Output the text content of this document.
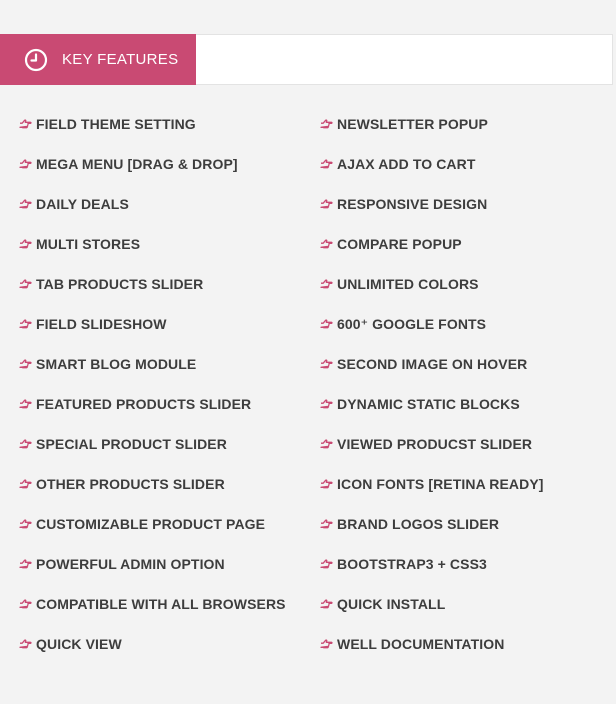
KEY FEATURES
FIELD THEME SETTING
MEGA MENU [DRAG & DROP]
DAILY DEALS
MULTI STORES
TAB PRODUCTS SLIDER
FIELD SLIDESHOW
SMART BLOG MODULE
FEATURED PRODUCTS SLIDER
SPECIAL PRODUCT SLIDER
OTHER PRODUCTS SLIDER
CUSTOMIZABLE PRODUCT PAGE
POWERFUL ADMIN OPTION
COMPATIBLE WITH ALL BROWSERS
QUICK VIEW
NEWSLETTER POPUP
AJAX ADD TO CART
RESPONSIVE DESIGN
COMPARE POPUP
UNLIMITED COLORS
600⁺ GOOGLE FONTS
SECOND IMAGE ON HOVER
DYNAMIC STATIC BLOCKS
VIEWED PRODUCST SLIDER
ICON FONTS [RETINA READY]
BRAND LOGOS SLIDER
BOOTSTRAP3 + CSS3
QUICK INSTALL
WELL DOCUMENTATION
